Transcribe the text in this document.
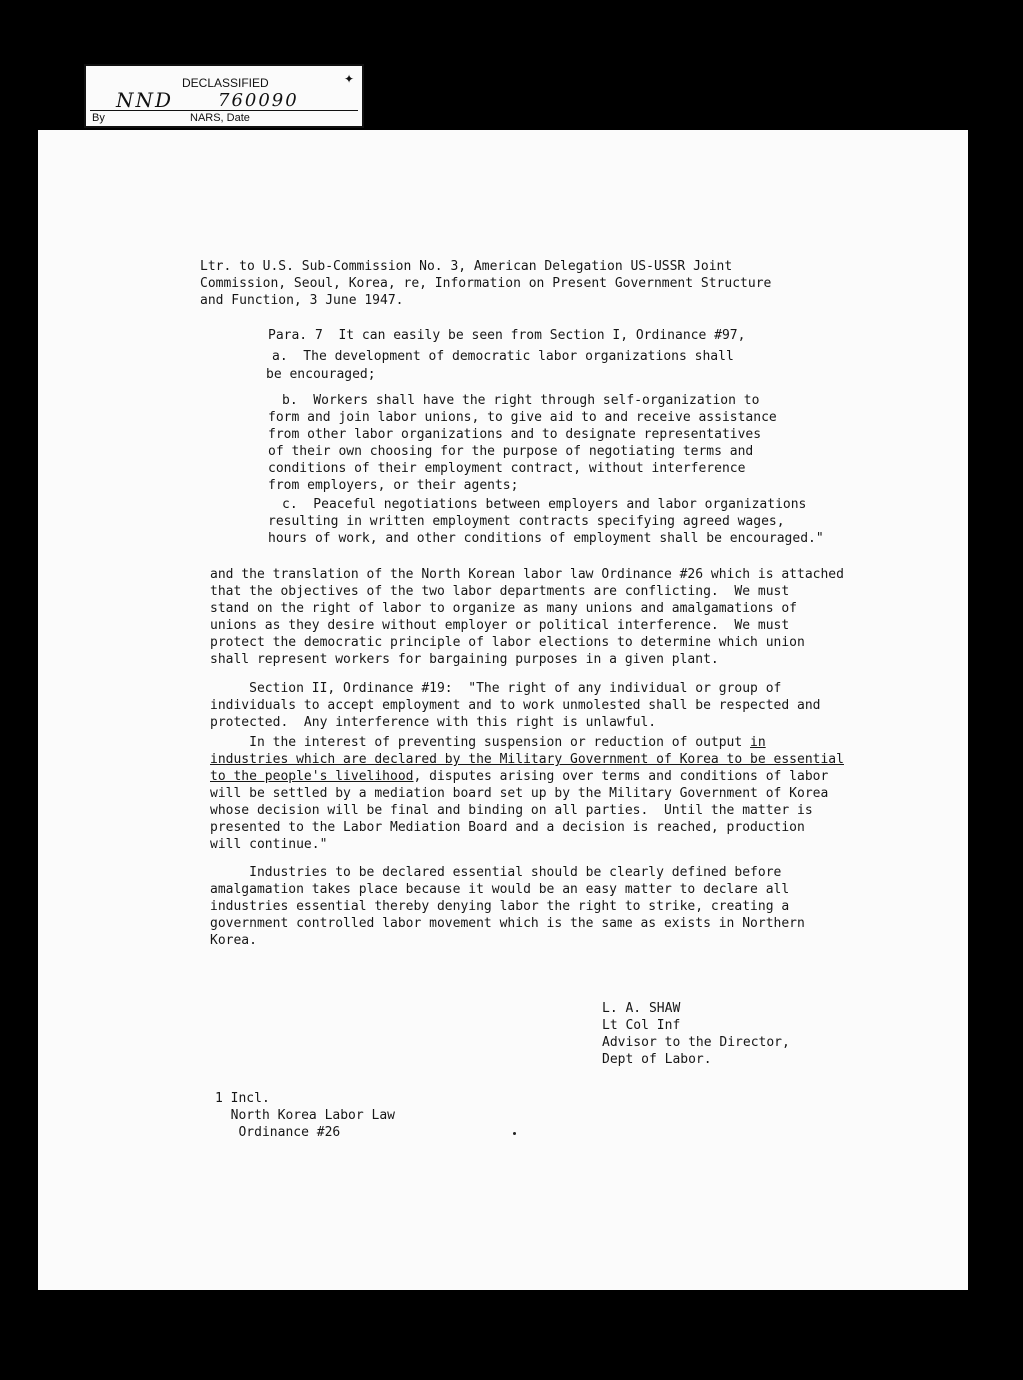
✦
DECLASSIFIED
NND 760090
By	NARS, Date
Ltr. to U.S. Sub-Commission No. 3, American Delegation US-USSR Joint
Commission, Seoul, Korea, re, Information on Present Government Structure
and Function, 3 June 1947.
Para. 7  It can easily be seen from Section I, Ordinance #97,
a.  The development of democratic labor organizations shall
be encouraged;
b.  Workers shall have the right through self-organization to
form and join labor unions, to give aid to and receive assistance
from other labor organizations and to designate representatives
of their own choosing for the purpose of negotiating terms and
conditions of their employment contract, without interference
from employers, or their agents;
c.  Peaceful negotiations between employers and labor organizations
resulting in written employment contracts specifying agreed wages,
hours of work, and other conditions of employment shall be encouraged."
and the translation of the North Korean labor law Ordinance #26 which is attached
that the objectives of the two labor departments are conflicting.  We must
stand on the right of labor to organize as many unions and amalgamations of
unions as they desire without employer or political interference.  We must
protect the democratic principle of labor elections to determine which union
shall represent workers for bargaining purposes in a given plant.
Section II, Ordinance #19:  "The right of any individual or group of
individuals to accept employment and to work unmolested shall be respected and
protected.  Any interference with this right is unlawful.
In the interest of preventing suspension or reduction of output in
industries which are declared by the Military Government of Korea to be essential
to the people's livelihood, disputes arising over terms and conditions of labor
will be settled by a mediation board set up by the Military Government of Korea
whose decision will be final and binding on all parties.  Until the matter is
presented to the Labor Mediation Board and a decision is reached, production
will continue."
Industries to be declared essential should be clearly defined before
amalgamation takes place because it would be an easy matter to declare all
industries essential thereby denying labor the right to strike, creating a
government controlled labor movement which is the same as exists in Northern
Korea.
L. A. SHAW
Lt Col Inf
Advisor to the Director,
Dept of Labor.
1 Incl.
North Korea Labor Law
Ordinance #26
